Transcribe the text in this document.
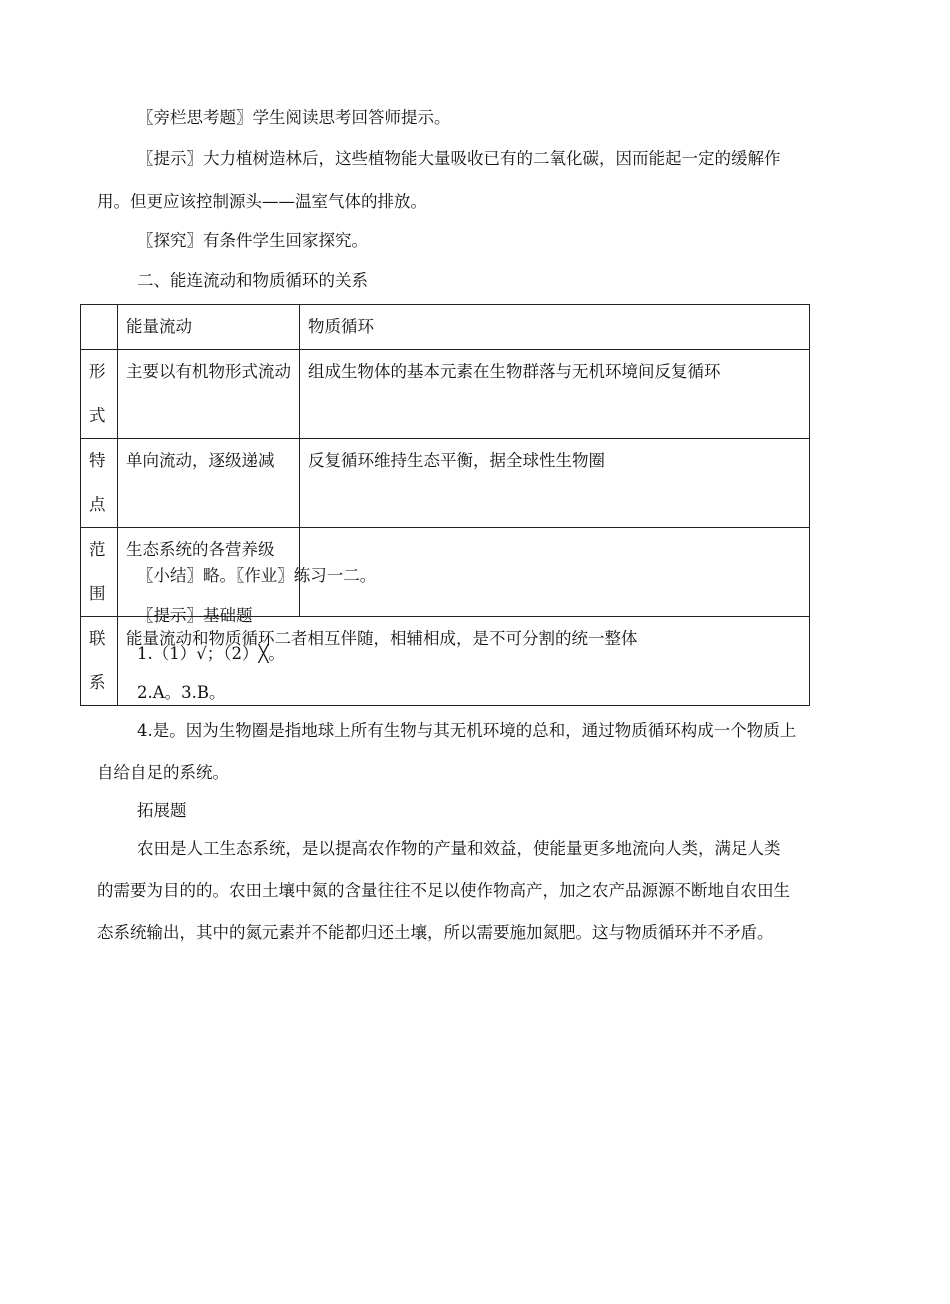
〖旁栏思考题〗学生阅读思考回答师提示。
〖提示〗大力植树造林后，这些植物能大量吸收已有的二氧化碳，因而能起一定的缓解作
用。但更应该控制源头——温室气体的排放。
〖探究〗有条件学生回家探究。
二、能连流动和物质循环的关系
	能量流动	物质循环
形式	主要以有机物形式流动	组成生物体的基本元素在生物群落与无机环境间反复循环
特点	单向流动，逐级递减	反复循环维持生态平衡，据全球性生物圈
范围	生态系统的各营养级	
联系	能量流动和物质循环二者相互伴随，相辅相成，是不可分割的统一整体	
〖小结〗略。〖作业〗练习一二。
〖提示〗基础题
1.（1）√；（2）╳。
2.A。3.B。
4.是。因为生物圈是指地球上所有生物与其无机环境的总和，通过物质循环构成一个物质上
自给自足的系统。
拓展题
农田是人工生态系统，是以提高农作物的产量和效益，使能量更多地流向人类，满足人类
的需要为目的的。农田土壤中氮的含量往往不足以使作物高产，加之农产品源源不断地自农田生
态系统输出，其中的氮元素并不能都归还土壤，所以需要施加氮肥。这与物质循环并不矛盾。
